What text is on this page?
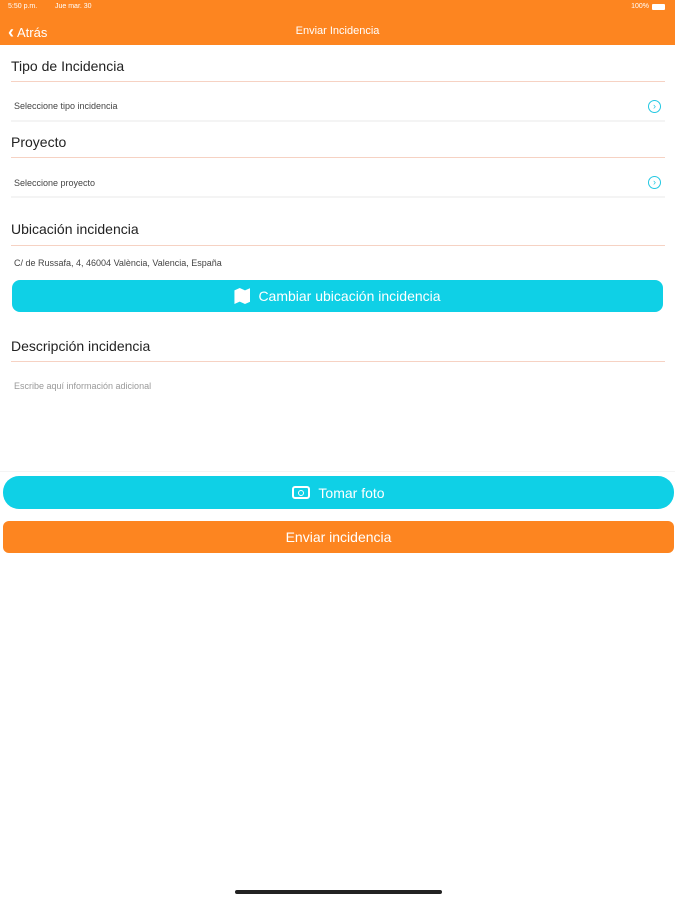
5:50 p.m.	Jue mar. 30	100%
‹ Atrás	Enviar Incidencia
Tipo de Incidencia
Seleccione tipo incidencia	›
Proyecto
Seleccione proyecto	›
Ubicación incidencia
C/ de Russafa, 4, 46004 València, Valencia, España
Cambiar ubicación incidencia
Descripción incidencia
Escribe aquí información adicional
Tomar foto
Enviar incidencia
